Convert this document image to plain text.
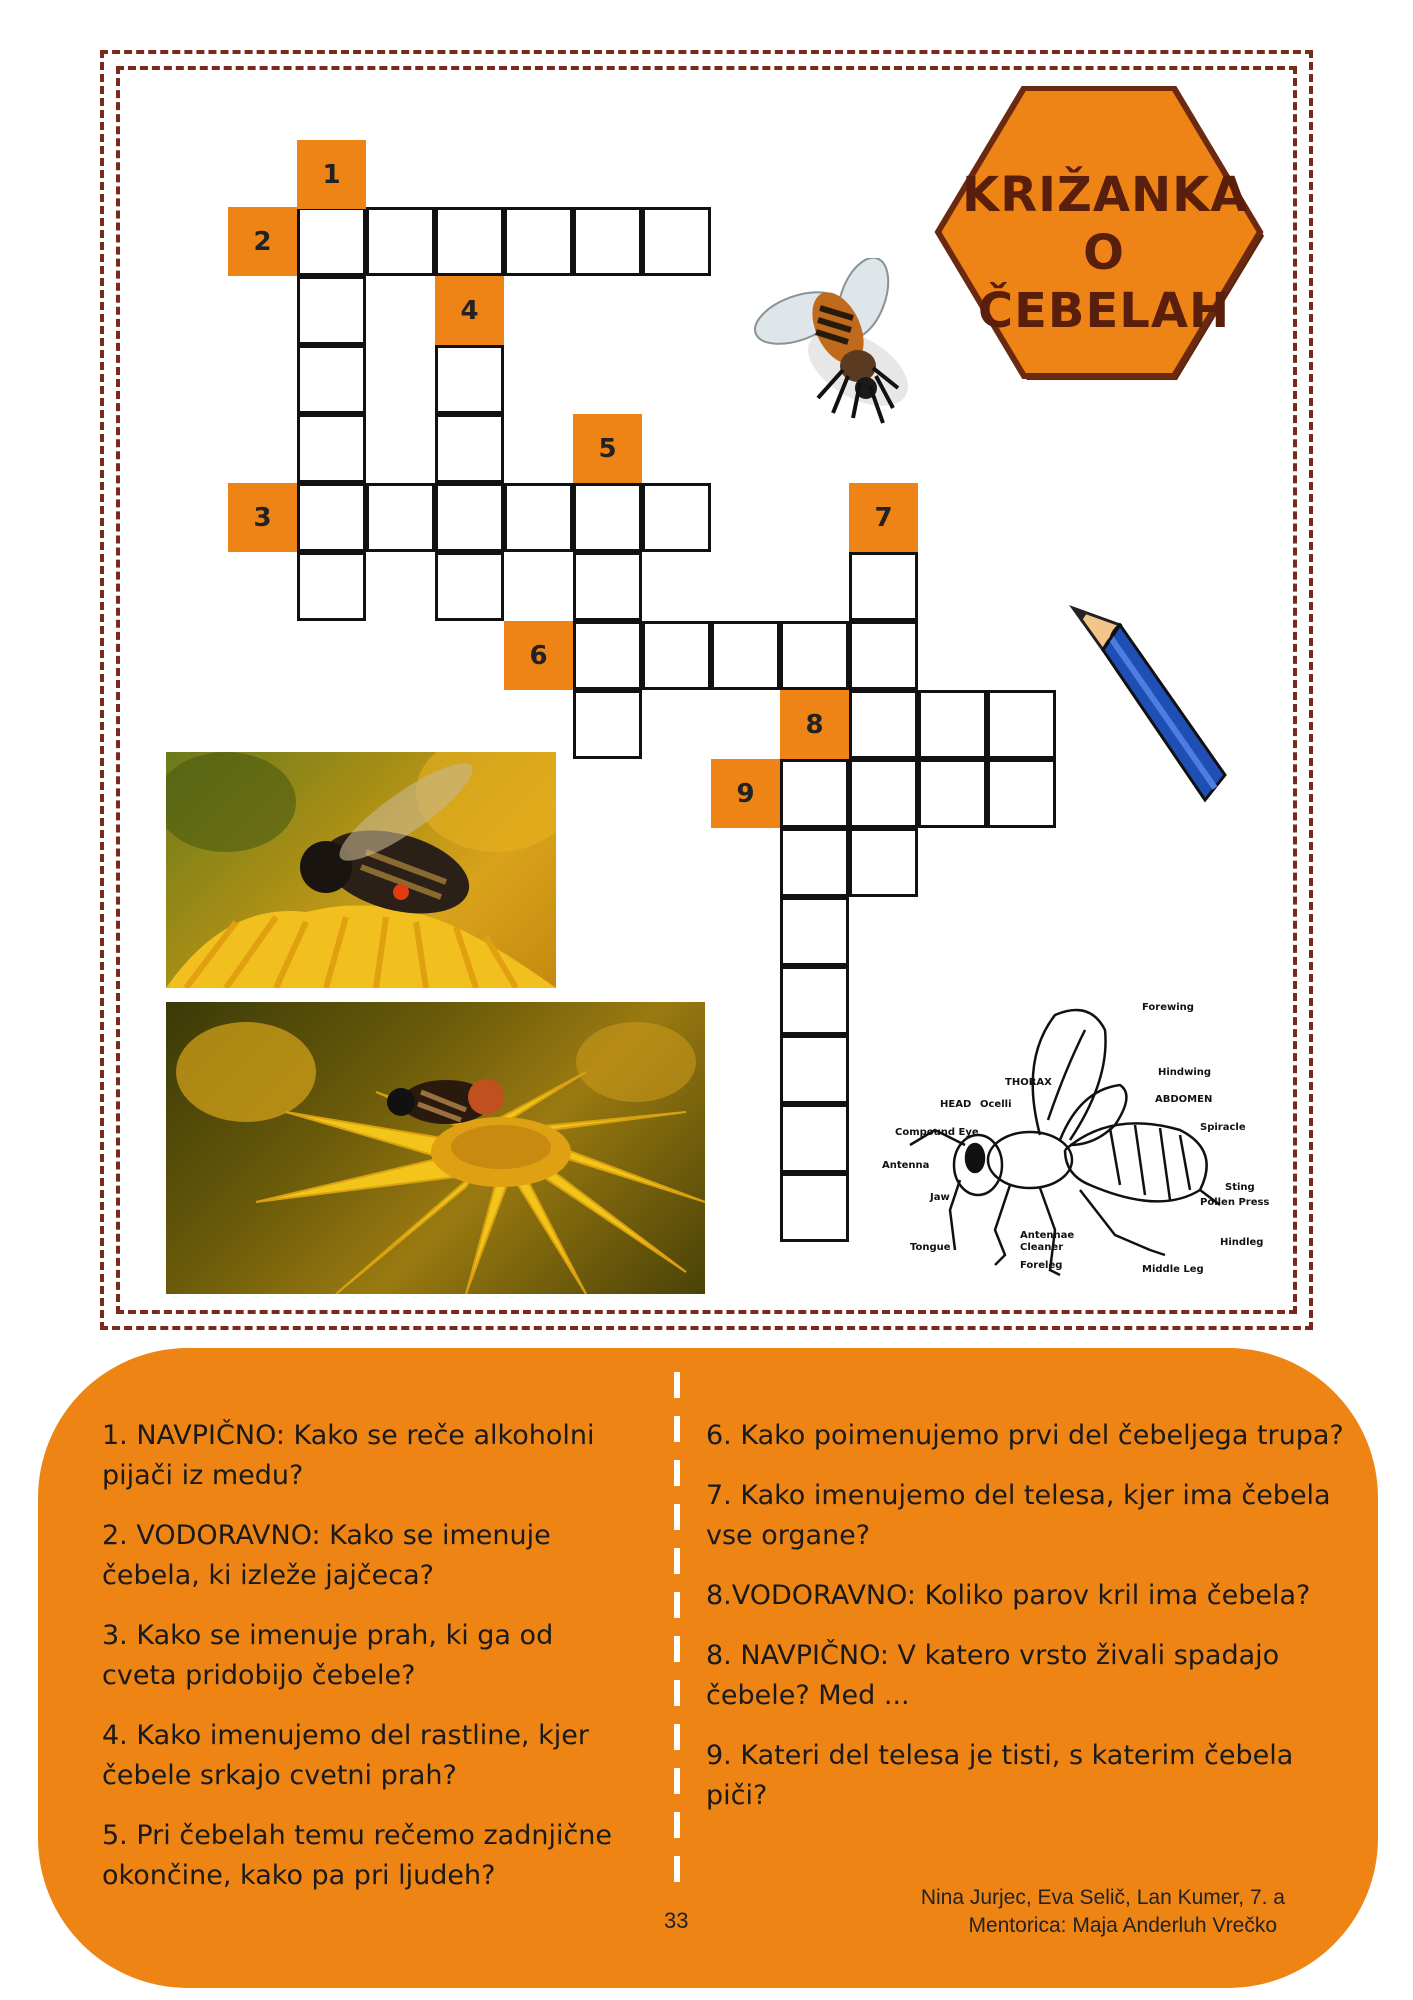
KRIŽANKA
O ČEBELAH
1
2
3
4
5
6
7
8
9
Forewing
Hindwing
THORAX
HEAD Ocelli	ABDOMEN
Spiracle
Compound Eye
Antenna
Jaw
Sting
Pollen Press
Tongue
Antennae
Cleaner	Hindleg
Foreleg	Middle Leg
1. NAVPIČNO: Kako se reče alkoholni pijači iz medu?
2. VODORAVNO: Kako se imenuje čebela, ki izleže jajčeca?
3. Kako se imenuje prah, ki ga od cveta pridobijo čebele?
4. Kako imenujemo del rastline, kjer čebele srkajo cvetni prah?
5. Pri čebelah temu rečemo zadnjične okončine, kako pa pri ljudeh?
6. Kako poimenujemo prvi del čebeljega trupa?
7. Kako imenujemo del telesa, kjer ima čebela vse organe?
8.VODORAVNO: Koliko parov kril ima čebela?
8. NAVPIČNO: V katero vrsto živali spadajo čebele? Med ...
9. Kateri del telesa je tisti, s katerim čebela piči?
33
Nina Jurjec, Eva Selič, Lan Kumer, 7. a
Mentorica: Maja Anderluh Vrečko
